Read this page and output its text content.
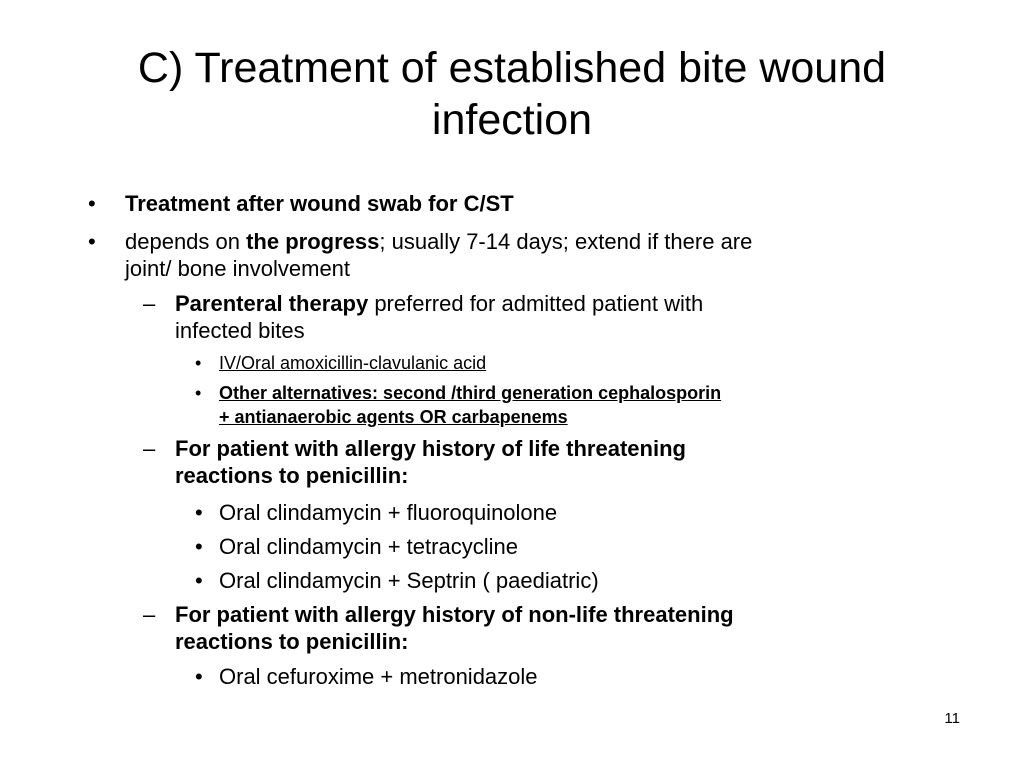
C) Treatment of established bite wound
infection
• Treatment after wound swab for C/ST
• depends on the progress; usually 7-14 days; extend if there are
joint/ bone involvement
– Parenteral therapy preferred for admitted patient with
infected bites
• IV/Oral amoxicillin-clavulanic acid
• Other alternatives: second /third generation cephalosporin
+ antianaerobic agents OR carbapenems
– For patient with allergy history of life threatening
reactions to penicillin:
• Oral clindamycin + fluoroquinolone
• Oral clindamycin + tetracycline
• Oral clindamycin + Septrin ( paediatric)
– For patient with allergy history of non-life threatening
reactions to penicillin:
• Oral cefuroxime + metronidazole
11
